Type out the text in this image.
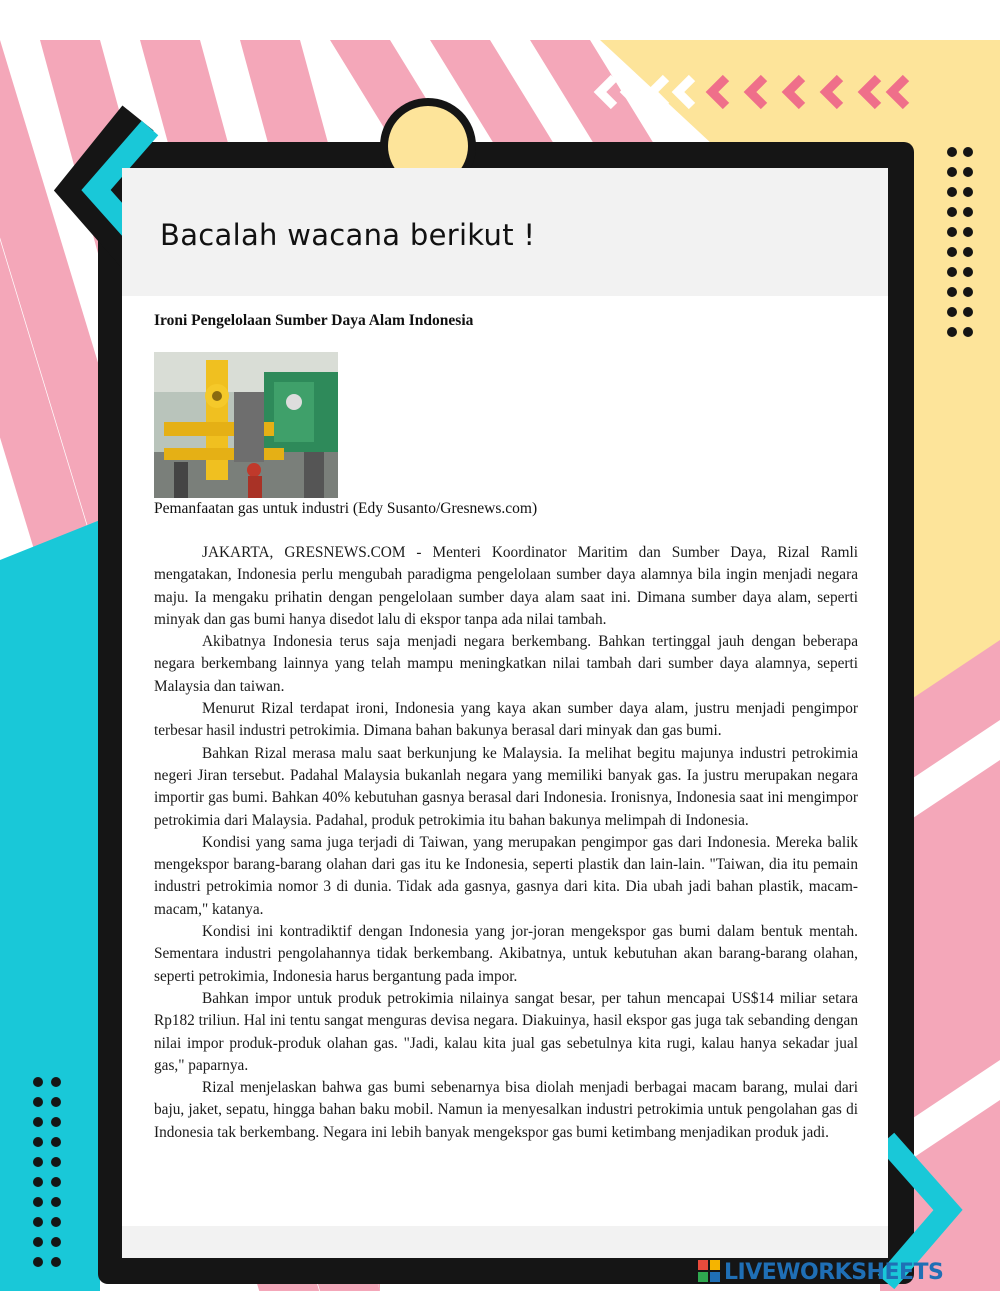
Bacalah wacana berikut !
Ironi Pengelolaan Sumber Daya Alam Indonesia
Pemanfaatan gas untuk industri (Edy Susanto/Gresnews.com)

JAKARTA, GRESNEWS.COM - Menteri Koordinator Maritim dan Sumber Daya, Rizal Ramli mengatakan, Indonesia perlu mengubah paradigma pengelolaan sumber daya alamnya bila ingin menjadi negara maju. Ia mengaku prihatin dengan pengelolaan sumber daya alam saat ini. Dimana sumber daya alam, seperti minyak dan gas bumi hanya disedot lalu di ekspor tanpa ada nilai tambah.

Akibatnya Indonesia terus saja menjadi negara berkembang. Bahkan tertinggal jauh dengan beberapa negara berkembang lainnya yang telah mampu meningkatkan nilai tambah dari sumber daya alamnya, seperti Malaysia dan taiwan.

Menurut Rizal terdapat ironi, Indonesia yang kaya akan sumber daya alam, justru menjadi pengimpor terbesar hasil industri petrokimia. Dimana bahan bakunya berasal dari minyak dan gas bumi.

Bahkan Rizal merasa malu saat berkunjung ke Malaysia. Ia melihat begitu majunya industri petrokimia negeri Jiran tersebut. Padahal Malaysia bukanlah negara yang memiliki banyak gas. Ia justru merupakan negara importir gas bumi. Bahkan 40% kebutuhan gasnya berasal dari Indonesia. Ironisnya, Indonesia saat ini mengimpor petrokimia dari Malaysia. Padahal, produk petrokimia itu bahan bakunya melimpah di Indonesia.

Kondisi yang sama juga terjadi di Taiwan, yang merupakan pengimpor gas dari Indonesia. Mereka balik mengekspor barang-barang olahan dari gas itu ke Indonesia, seperti plastik dan lain-lain. "Taiwan, dia itu pemain industri petrokimia nomor 3 di dunia. Tidak ada gasnya, gasnya dari kita. Dia ubah jadi bahan plastik, macam-macam," katanya.

Kondisi ini kontradiktif dengan Indonesia yang jor-joran mengekspor gas bumi dalam bentuk mentah. Sementara industri pengolahannya tidak berkembang. Akibatnya, untuk kebutuhan akan barang-barang olahan, seperti petrokimia, Indonesia harus bergantung pada impor.

Bahkan impor untuk produk petrokimia nilainya sangat besar, per tahun mencapai US$14 miliar setara Rp182 triliun. Hal ini tentu sangat menguras devisa negara. Diakuinya, hasil ekspor gas juga tak sebanding dengan nilai impor produk-produk olahan gas. "Jadi, kalau kita jual gas sebetulnya kita rugi, kalau hanya sekadar jual gas," paparnya.

Rizal menjelaskan bahwa gas bumi sebenarnya bisa diolah menjadi berbagai macam barang, mulai dari baju, jaket, sepatu, hingga bahan baku mobil. Namun ia menyesalkan industri petrokimia untuk pengolahan gas di Indonesia tak berkembang. Negara ini lebih banyak mengekspor gas bumi ketimbang menjadikan produk jadi.

LIVEWORKSHEETS
